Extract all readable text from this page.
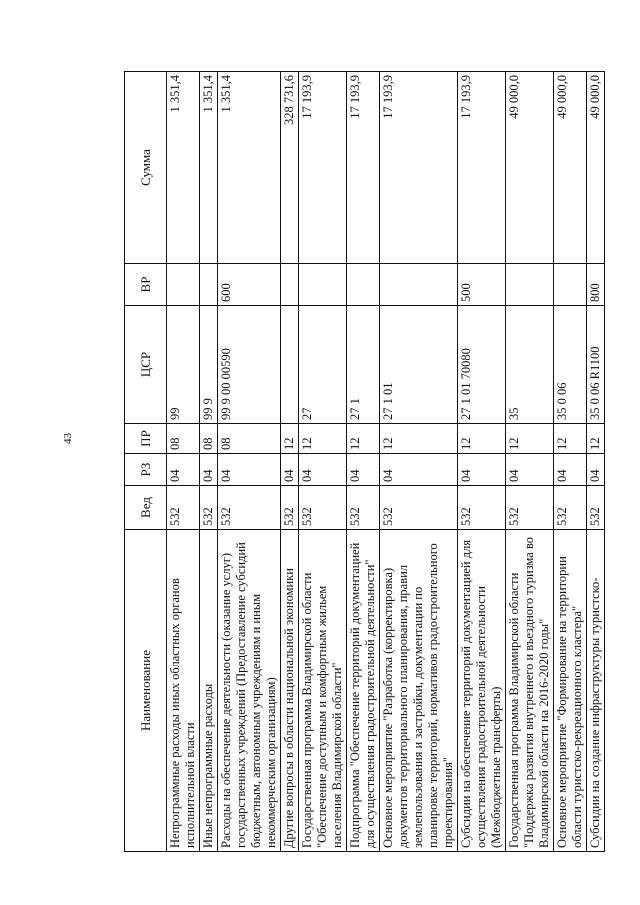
43
Наименование	Вед	РЗ	ПР	ЦСР	ВР	Сумма
Непрограммные расходы иных областных органов исполнительной власти	532	04	08	99		1 351,4
Иные непрограммные расходы	532	04	08	99 9		1 351,4
Расходы на обеспечение деятельности (оказание услуг) государственных учреждений (Предоставление субсидий бюджетным, автономным учреждениям и иным некоммерческим организациям)	532	04	08	99 9 00 00590	600	1 351,4
Другие вопросы в области национальной экономики	532	04	12			328 731,6
Государственная программа Владимирской области "Обеспечение доступным и комфортным жильем населения Владимирской области"	532	04	12	27		17 193,9
Подпрограмма "Обеспечение территорий документацией для осуществления градостроительной деятельности"	532	04	12	27 1		17 193,9
Основное мероприятие "Разработка (корректировка) документов территориального планирования, правил землепользования и застройки, документации по планировке территорий, нормативов градостроительного проектирования"	532	04	12	27 1 01		17 193,9
Субсидии на обеспечение территорий документацией для осуществления градостроительной деятельности (Межбюджетные трансферты)	532	04	12	27 1 01 70080	500	17 193,9
Государственная программа Владимирской области "Поддержка развития внутреннего и въездного туризма во Владимирской области на 2016-2020 годы"	532	04	12	35		49 000,0
Основное мероприятие "Формирование на территории области туристско-рекреационного кластера"	532	04	12	35 0 06		49 000,0
Субсидии на создание инфраструктуры туристско-	532	04	12	35 0 06 R1100	800	49 000,0
